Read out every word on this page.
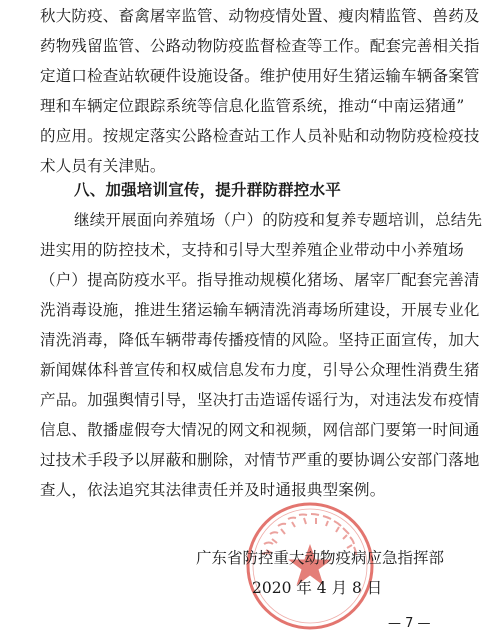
秋大防疫、畜禽屠宰监管、动物疫情处置、瘦肉精监管、兽药及
药物残留监管、公路动物防疫监督检查等工作。配套完善相关指
定道口检查站软硬件设施设备。维护使用好生猪运输车辆备案管
理和车辆定位跟踪系统等信息化监管系统，推动“中南运猪通”
的应用。按规定落实公路检查站工作人员补贴和动物防疫检疫技
术人员有关津贴。
八、加强培训宣传，提升群防群控水平
继续开展面向养殖场（户）的防疫和复养专题培训，总结先
进实用的防控技术，支持和引导大型养殖企业带动中小养殖场
（户）提高防疫水平。指导推动规模化猪场、屠宰厂配套完善清
洗消毒设施，推进生猪运输车辆清洗消毒场所建设，开展专业化
清洗消毒，降低车辆带毒传播疫情的风险。坚持正面宣传，加大
新闻媒体科普宣传和权威信息发布力度，引导公众理性消费生猪
产品。加强舆情引导，坚决打击造谣传谣行为，对违法发布疫情
信息、散播虚假夸大情况的网文和视频，网信部门要第一时间通
过技术手段予以屏蔽和删除，对情节严重的要协调公安部门落地
查人，依法追究其法律责任并及时通报典型案例。
广东省防控重大动物疫病应急指挥部
2020 年 4 月 8 日
— 7 —
